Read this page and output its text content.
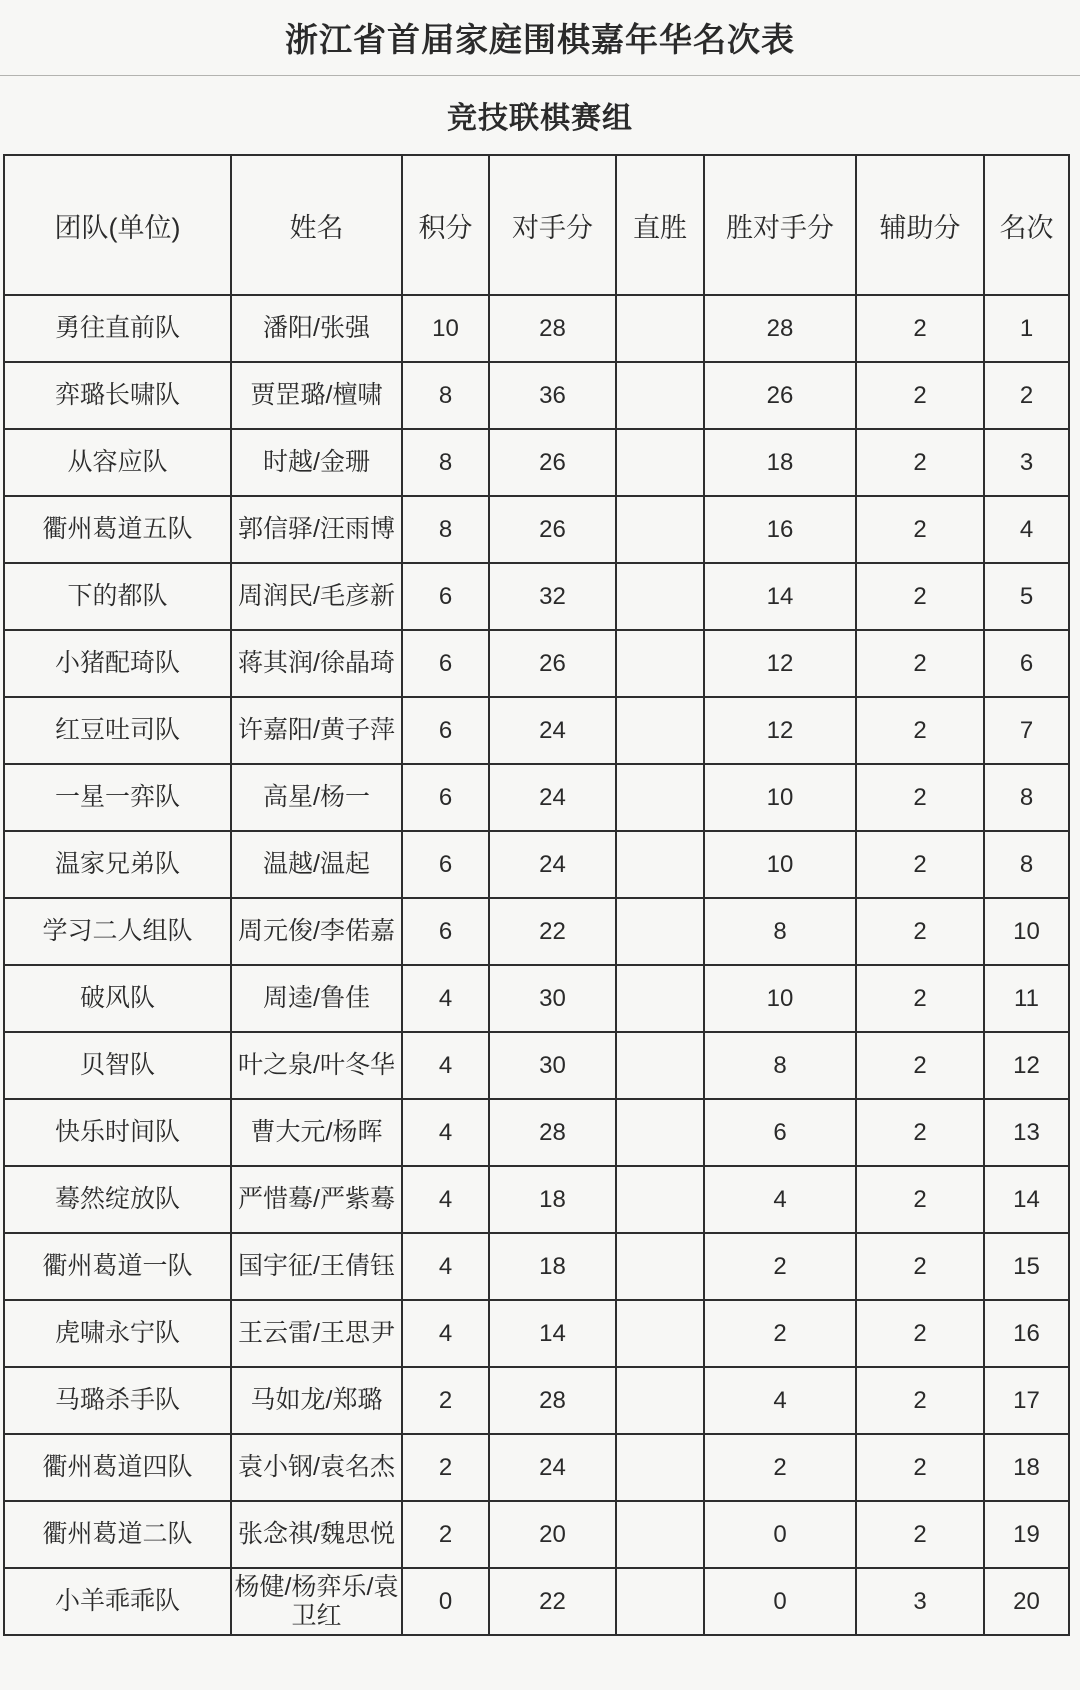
浙江省首届家庭围棋嘉年华名次表
竞技联棋赛组
团队(单位)	姓名	积分	对手分	直胜	胜对手分	辅助分	名次
勇往直前队	潘阳/张强	10	28		28	2	1
弈璐长啸队	贾罡璐/檀啸	8	36		26	2	2
从容应队	时越/金珊	8	26		18	2	3
衢州葛道五队	郭信驿/汪雨博	8	26		16	2	4
下的都队	周润民/毛彦新	6	32		14	2	5
小猪配琦队	蒋其润/徐晶琦	6	26		12	2	6
红豆吐司队	许嘉阳/黄子萍	6	24		12	2	7
一星一弈队	高星/杨一	6	24		10	2	8
温家兄弟队	温越/温起	6	24		10	2	8
学习二人组队	周元俊/李偌嘉	6	22		8	2	10
破风队	周逵/鲁佳	4	30		10	2	11
贝智队	叶之泉/叶冬华	4	30		8	2	12
快乐时间队	曹大元/杨晖	4	28		6	2	13
蓦然绽放队	严惜蓦/严紫蓦	4	18		4	2	14
衢州葛道一队	国宇征/王倩钰	4	18		2	2	15
虎啸永宁队	王云雷/王思尹	4	14		2	2	16
马璐杀手队	马如龙/郑璐	2	28		4	2	17
衢州葛道四队	袁小钢/袁名杰	2	24		2	2	18
衢州葛道二队	张念祺/魏思悦	2	20		0	2	19
小羊乖乖队	杨健/杨弈乐/袁卫红	0	22		0	3	20
